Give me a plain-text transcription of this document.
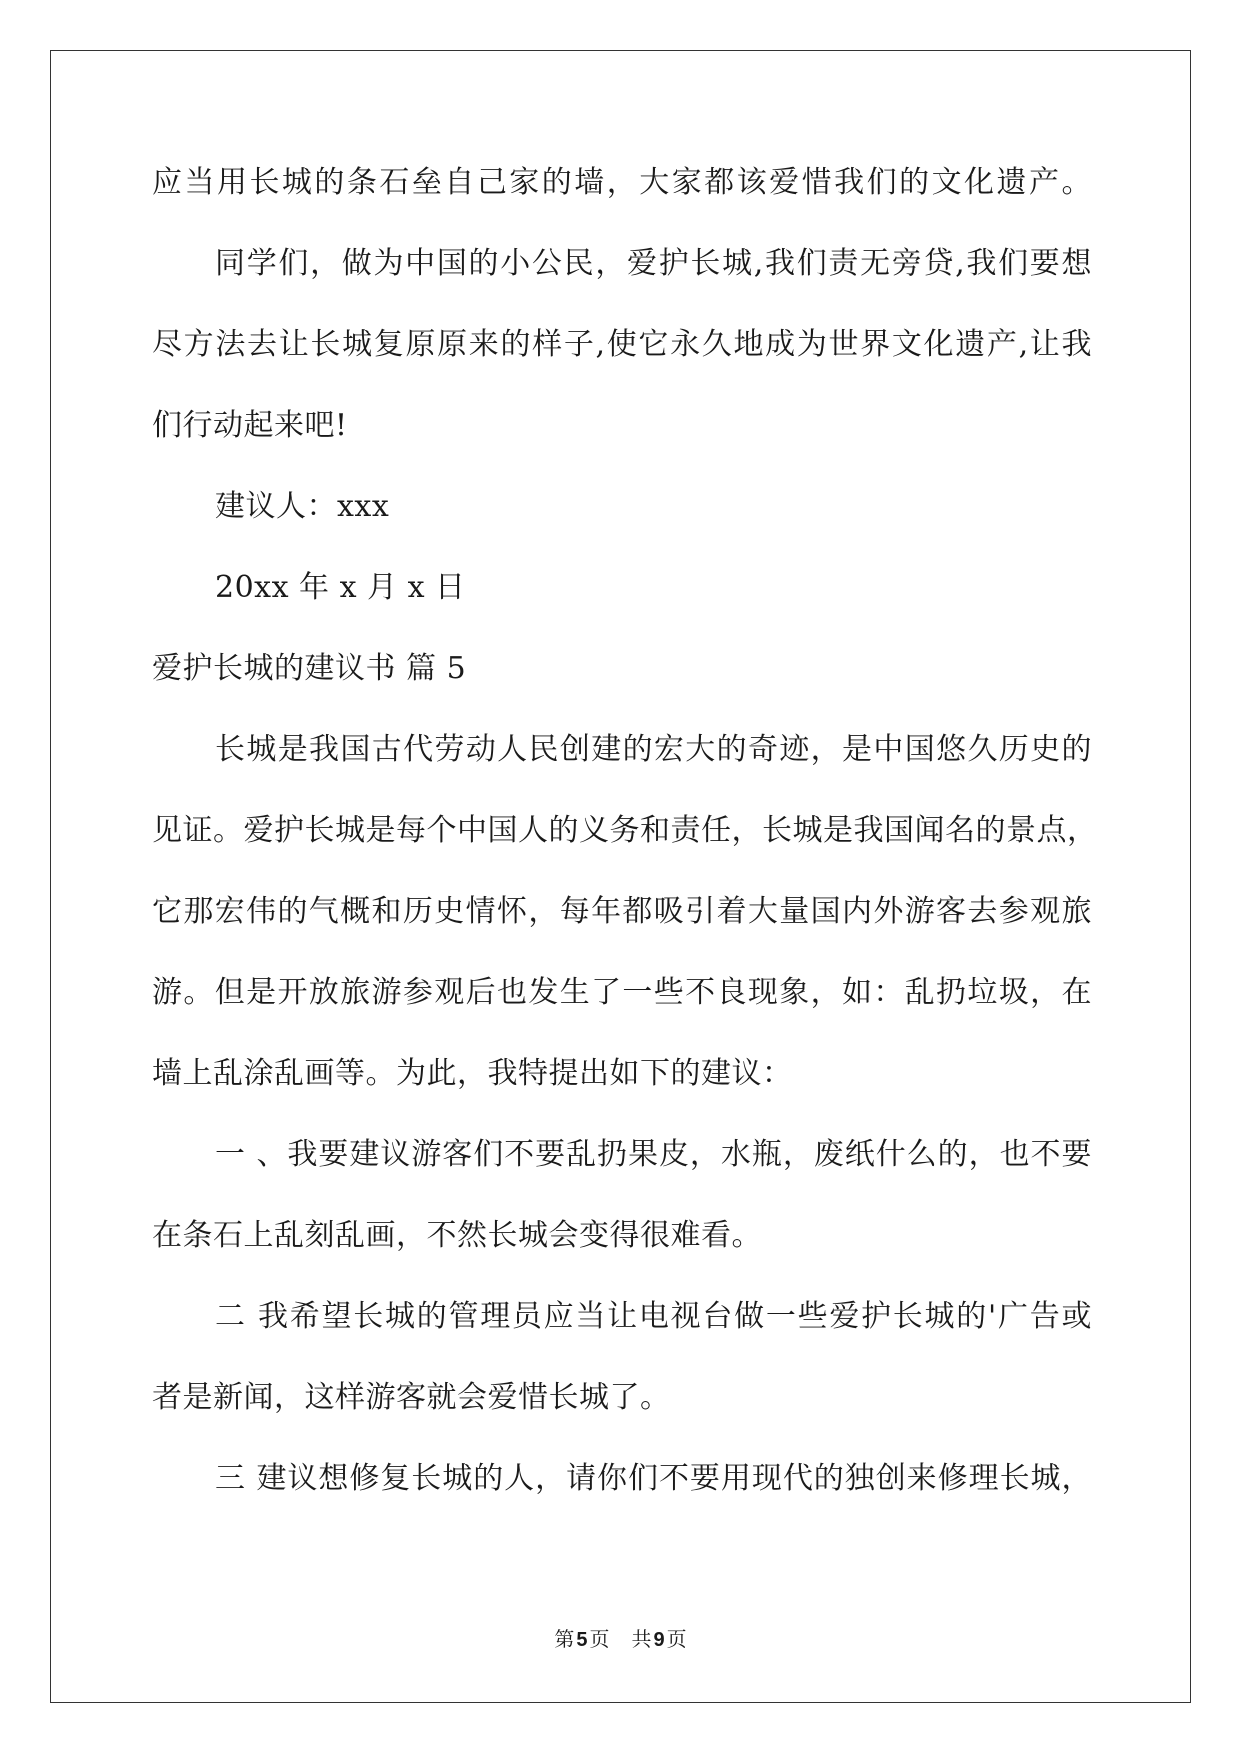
应当用长城的条石垒自己家的墙，大家都该爱惜我们的文化遗产。
同学们，做为中国的小公民，爱护长城,我们责无旁贷,我们要想
尽方法去让长城复原原来的样子,使它永久地成为世界文化遗产,让我
们行动起来吧!
建议人：xxx
20xx 年 x 月 x 日
爱护长城的建议书 篇 5
长城是我国古代劳动人民创建的宏大的奇迹，是中国悠久历史的
见证。爱护长城是每个中国人的义务和责任，长城是我国闻名的景点，
它那宏伟的气概和历史情怀，每年都吸引着大量国内外游客去参观旅
游。但是开放旅游参观后也发生了一些不良现象，如：乱扔垃圾，在
墙上乱涂乱画等。为此，我特提出如下的建议：
一 、我要建议游客们不要乱扔果皮，水瓶，废纸什么的，也不要
在条石上乱刻乱画，不然长城会变得很难看。
二 我希望长城的管理员应当让电视台做一些爱护长城的'广告或
者是新闻，这样游客就会爱惜长城了。
三 建议想修复长城的人，请你们不要用现代的独创来修理长城，
第 5 页 共 9 页
